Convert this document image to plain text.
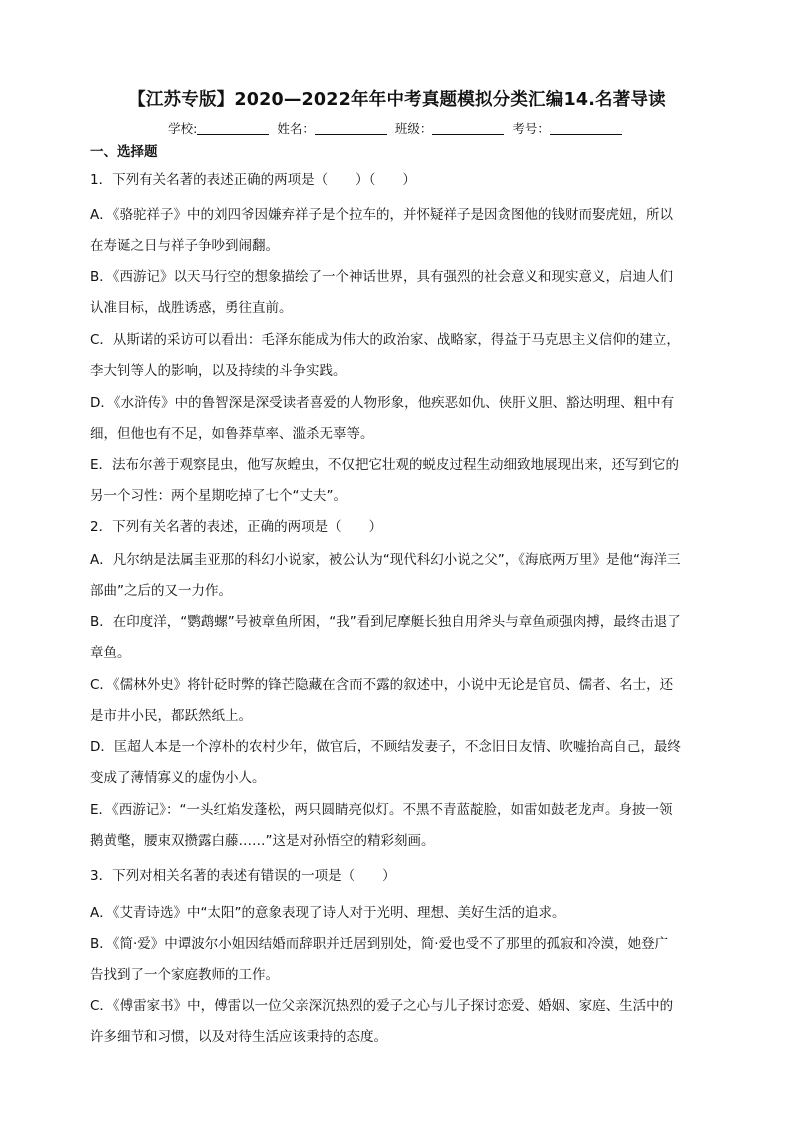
【江苏专版】2020—2022年年中考真题模拟分类汇编14.名著导读
学校:	姓名：	班级：	考号：
一、选择题
1．下列有关名著的表述正确的两项是（　　）（　　）
A．《骆驼祥子》中的刘四爷因嫌弃祥子是个拉车的，并怀疑祥子是因贪图他的钱财而娶虎妞，所以
在寿诞之日与祥子争吵到闹翻。
B．《西游记》以天马行空的想象描绘了一个神话世界，具有强烈的社会意义和现实意义，启迪人们
认准目标，战胜诱惑，勇往直前。
C．从斯诺的采访可以看出：毛泽东能成为伟大的政治家、战略家，得益于马克思主义信仰的建立，
李大钊等人的影响，以及持续的斗争实践。
D．《水浒传》中的鲁智深是深受读者喜爱的人物形象，他疾恶如仇、侠肝义胆、豁达明理、粗中有
细，但他也有不足，如鲁莽草率、滥杀无辜等。
E．法布尔善于观察昆虫，他写灰蝗虫，不仅把它壮观的蜕皮过程生动细致地展现出来，还写到它的
另一个习性：两个星期吃掉了七个“丈夫”。
2．下列有关名著的表述，正确的两项是（　　）
A．凡尔纳是法属圭亚那的科幻小说家，被公认为“现代科幻小说之父”，《海底两万里》是他“海洋三
部曲”之后的又一力作。
B．在印度洋，“鹦鹉螺”号被章鱼所困，“我”看到尼摩艇长独自用斧头与章鱼顽强肉搏，最终击退了
章鱼。
C．《儒林外史》将针砭时弊的锋芒隐藏在含而不露的叙述中，小说中无论是官员、儒者、名士，还
是市井小民，都跃然纸上。
D．匡超人本是一个淳朴的农村少年，做官后，不顾结发妻子，不念旧日友情、吹嘘抬高自己，最终
变成了薄情寡义的虚伪小人。
E．《西游记》：“一头红焰发蓬松，两只圆睛亮似灯。不黑不青蓝靛脸，如雷如鼓老龙声。身披一领
鹅黄氅，腰束双攒露白藤……”这是对孙悟空的精彩刻画。
3．下列对相关名著的表述有错误的一项是（　　）
A．《艾青诗选》中“太阳”的意象表现了诗人对于光明、理想、美好生活的追求。
B．《简·爱》中谭波尔小姐因结婚而辞职并迁居到别处，简·爱也受不了那里的孤寂和冷漠，她登广
告找到了一个家庭教师的工作。
C．《傅雷家书》中，傅雷以一位父亲深沉热烈的爱子之心与儿子探讨恋爱、婚姻、家庭、生活中的
许多细节和习惯，以及对待生活应该秉持的态度。
